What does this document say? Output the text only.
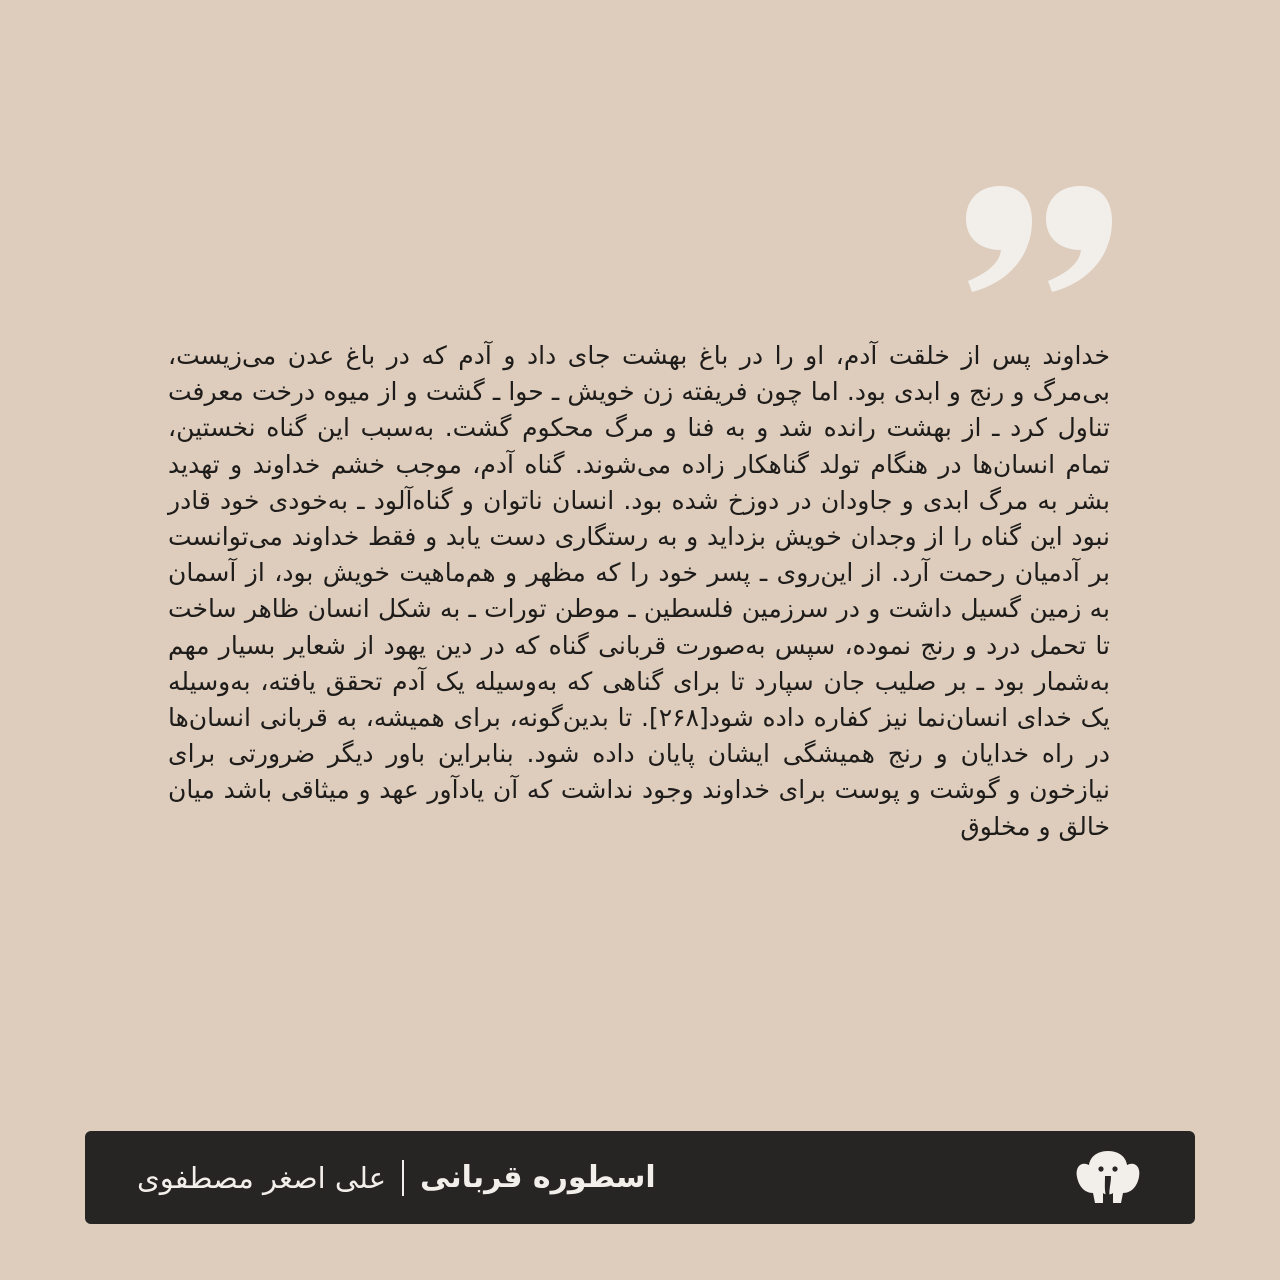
خداوند پس از خلقت آدم، او را در باغ بهشت جای داد و آدم که در باغ عدن می‌زیست، بی‌مرگ و رنج و ابدی بود. اما چون فریفته زن خویش ـ حوا ـ گشت و از میوه درخت معرفت تناول کرد ـ از بهشت رانده شد و به فنا و مرگ محکوم گشت. به‌سبب این گناه نخستین، تمام انسان‌ها در هنگام تولد گناهکار زاده می‌شوند. گناه آدم، موجب خشم خداوند و تهدید بشر به مرگ ابدی و جاودان در دوزخ شده بود. انسان ناتوان و گناه‌آلود ـ به‌خودی خود قادر نبود این گناه را از وجدان خویش بزداید و به رستگاری دست یابد و فقط خداوند می‌توانست بر آدمیان رحمت آرد. از این‌روی ـ پسر خود را که مظهر و هم‌ماهیت خویش بود، از آسمان به زمین گسیل داشت و در سرزمین فلسطین ـ موطن تورات ـ به شکل انسان ظاهر ساخت تا تحمل درد و رنج نموده، سپس به‌صورت قربانی گناه که در دین یهود از شعایر بسیار مهم به‌شمار بود ـ بر صلیب جان سپارد تا برای گناهی که به‌وسیله یک آدم تحقق یافته، به‌وسیله یک خدای انسان‌نما نیز کفاره داده شود[۲۶۸]. تا بدین‌گونه، برای همیشه، به قربانی انسان‌ها در راه خدایان و رنج همیشگی ایشان پایان داده شود. بنابراین باور دیگر ضرورتی برای نیازخون و گوشت و پوست برای خداوند وجود نداشت که آن یادآور عهد و میثاقی باشد میان خالق و مخلوق

اسطوره قربانی
علی اصغر مصطفوی
